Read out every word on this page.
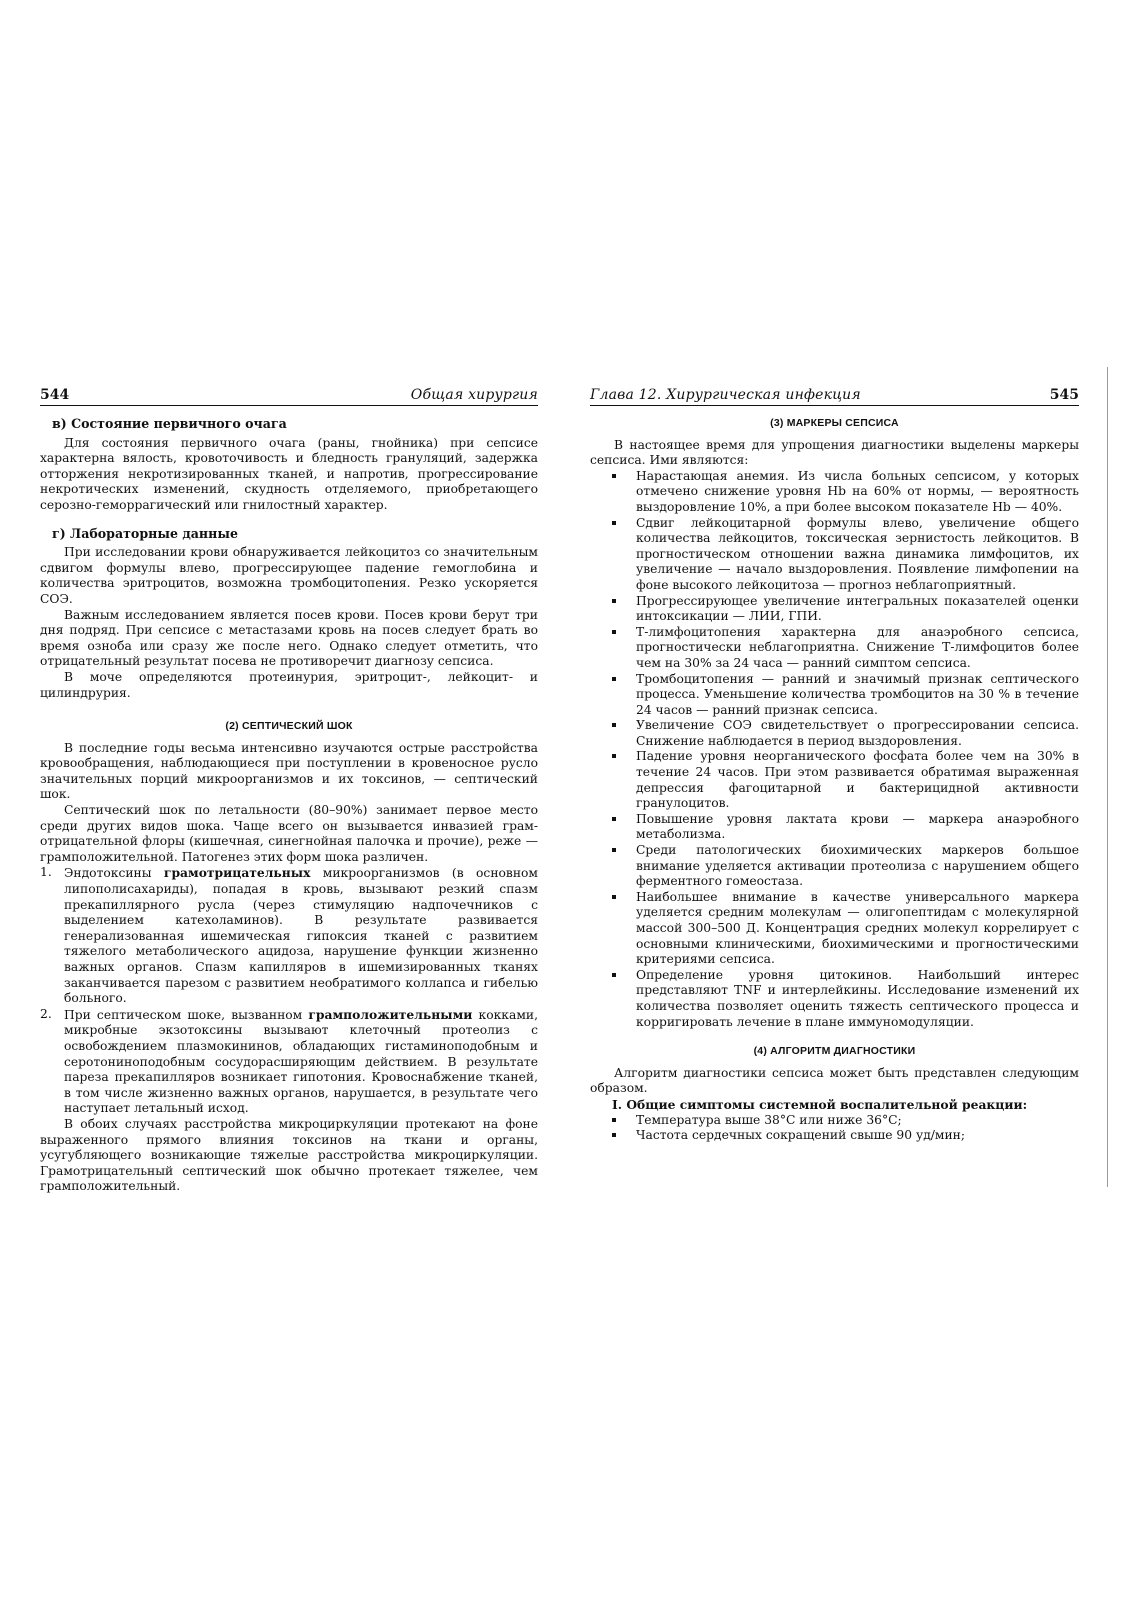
544	Общая хирургия
в) Состояние первичного очага

Для состояния первичного очага (раны, гнойника) при сепсисе характерна вялость, кровоточивость и бледность грануляций, задержка отторжения некротизированных тканей, и напротив, прогрессирование некротических изменений, скудность отделяемого, приобретающего серозно-геморрагический или гнилостный характер.

г) Лабораторные данные

При исследовании крови обнаруживается лейкоцитоз со значительным сдвигом формулы влево, прогрессирующее падение гемоглобина и количества эритроцитов, возможна тромбоцитопения. Резко ускоряется СОЭ.

Важным исследованием является посев крови. Посев крови берут три дня подряд. При сепсисе с метастазами кровь на посев следует брать во время озноба или сразу же после него. Однако следует отметить, что отрицательный результат посева не противоречит диагнозу сепсиса.

В моче определяются протеинурия, эритроцит-, лейкоцит- и цилиндрурия.

(2) СЕПТИЧЕСКИЙ ШОК

В последние годы весьма интенсивно изучаются острые расстройства кровообращения, наблюдающиеся при поступлении в кровеносное русло значительных порций микроорганизмов и их токсинов, — септический шок.

Септический шок по летальности (80–90%) занимает первое место среди других видов шока. Чаще всего он вызывается инвазией грам-отрицательной флоры (кишечная, синегнойная палочка и прочие), реже — грамположительной. Патогенез этих форм шока различен.

1. Эндотоксины грамотрицательных микроорганизмов (в основном липополисахариды), попадая в кровь, вызывают резкий спазм прекапиллярного русла (через стимуляцию надпочечников с выделением катехоламинов). В результате развивается генерализованная ишемическая гипоксия тканей с развитием тяжелого метаболического ацидоза, нарушение функции жизненно важных органов. Спазм капилляров в ишемизированных тканях заканчивается парезом с развитием необратимого коллапса и гибелью больного.
2. При септическом шоке, вызванном грамположительными кокками, микробные экзотоксины вызывают клеточный протеолиз с освобождением плазмокининов, обладающих гистаминоподобным и серотониноподобным сосудорасширяющим действием. В результате пареза прекапилляров возникает гипотония. Кровоснабжение тканей, в том числе жизненно важных органов, нарушается, в результате чего наступает летальный исход.

В обоих случаях расстройства микроциркуляции протекают на фоне выраженного прямого влияния токсинов на ткани и органы, усугубляющего возникающие тяжелые расстройства микроциркуляции. Грамотрицательный септический шок обычно протекает тяжелее, чем грамположительный.

Глава 12. Хирургическая инфекция	545
(3) МАРКЕРЫ СЕПСИСА

В настоящее время для упрощения диагностики выделены маркеры сепсиса. Ими являются:

Нарастающая анемия. Из числа больных сепсисом, у которых отмечено снижение уровня Hb на 60% от нормы, — вероятность выздоровление 10%, а при более высоком показателе Hb — 40%.
Сдвиг лейкоцитарной формулы влево, увеличение общего количества лейкоцитов, токсическая зернистость лейкоцитов. В прогностическом отношении важна динамика лимфоцитов, их увеличение — начало выздоровления. Появление лимфопении на фоне высокого лейкоцитоза — прогноз неблагоприятный.
Прогрессирующее увеличение интегральных показателей оценки интоксикации — ЛИИ, ГПИ.
Т-лимфоцитопения характерна для анаэробного сепсиса, прогностически неблагоприятна. Снижение Т-лимфоцитов более чем на 30% за 24 часа — ранний симптом сепсиса.
Тромбоцитопения — ранний и значимый признак септического процесса. Уменьшение количества тромбоцитов на 30 % в течение 24 часов — ранний признак сепсиса.
Увеличение СОЭ свидетельствует о прогрессировании сепсиса. Снижение наблюдается в период выздоровления.
Падение уровня неорганического фосфата более чем на 30% в течение 24 часов. При этом развивается обратимая выраженная депрессия фагоцитарной и бактерицидной активности гранулоцитов.
Повышение уровня лактата крови — маркера анаэробного метаболизма.
Среди патологических биохимических маркеров большое внимание уделяется активации протеолиза с нарушением общего ферментного гомеостаза.
Наибольшее внимание в качестве универсального маркера уделяется средним молекулам — олигопептидам с молекулярной массой 300–500 Д. Концентрация средних молекул коррелирует с основными клиническими, биохимическими и прогностическими критериями сепсиса.
Определение уровня цитокинов. Наибольший интерес представляют TNF и интерлейкины. Исследование изменений их количества позволяет оценить тяжесть септического процесса и корригировать лечение в плане иммуномодуляции.
(4) АЛГОРИТМ ДИАГНОСТИКИ

Алгоритм диагностики сепсиса может быть представлен следующим образом.

I. Общие симптомы системной воспалительной реакции:

Температура выше 38°С или ниже 36°С;
Частота сердечных сокращений свыше 90 уд/мин;
